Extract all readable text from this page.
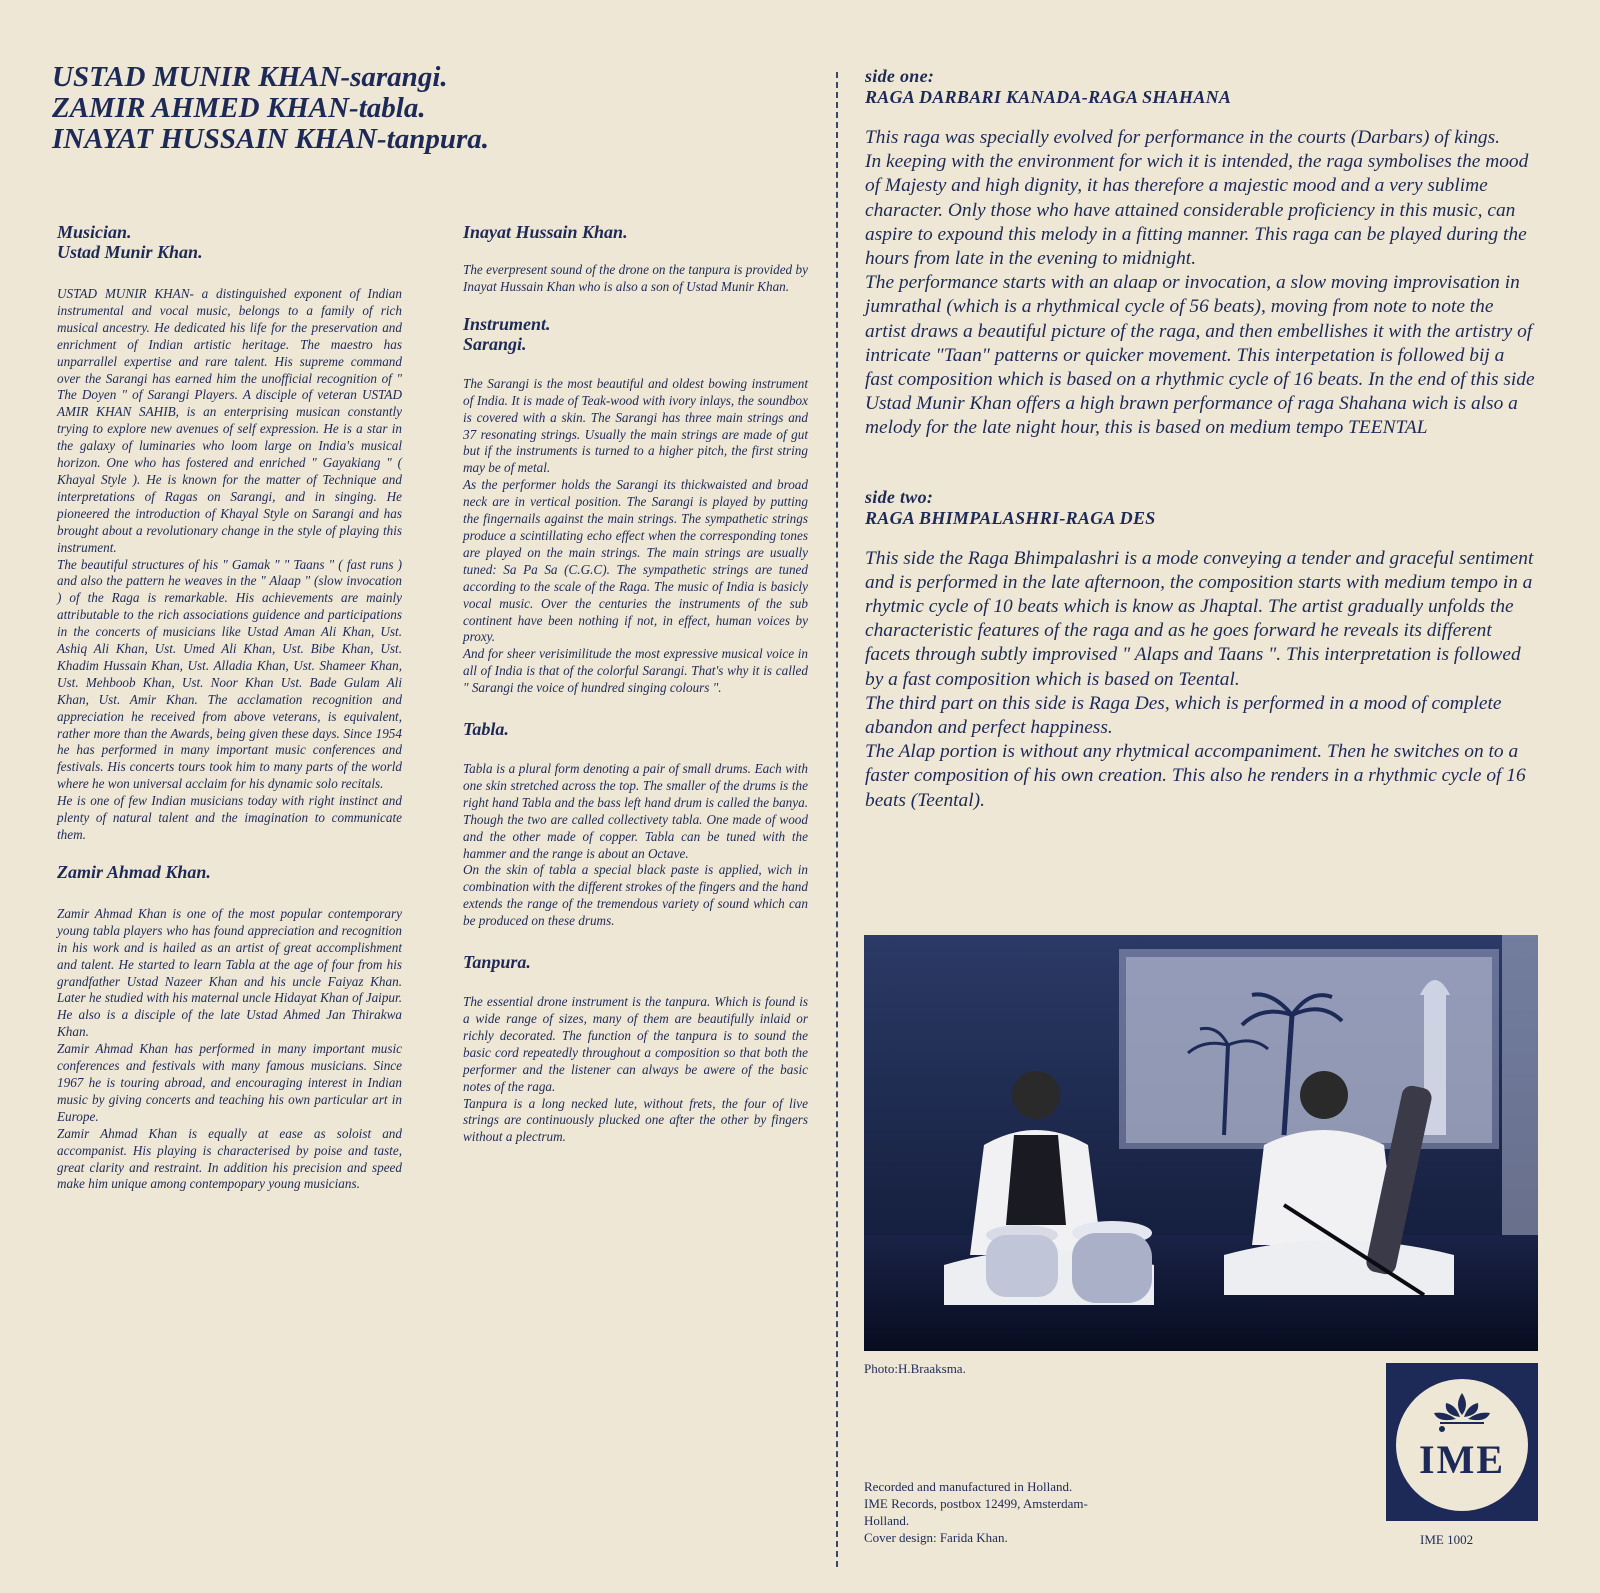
USTAD MUNIR KHAN-sarangi.
ZAMIR AHMED KHAN-tabla.
INAYAT HUSSAIN KHAN-tanpura.
Musician.
Ustad Munir Khan.

USTAD MUNIR KHAN- a distinguished exponent of Indian instrumental and vocal music, belongs to a family of rich musical ancestry. He dedicated his life for the preservation and enrichment of Indian artistic heritage. The maestro has unparrallel expertise and rare talent. His supreme command over the Sarangi has earned him the unofficial recognition of " The Doyen " of Sarangi Players. A disciple of veteran USTAD AMIR KHAN SAHIB, is an enterprising musican constantly trying to explore new avenues of self expression. He is a star in the galaxy of luminaries who loom large on India's musical horizon. One who has fostered and enriched " Gayakiang " ( Khayal Style ). He is known for the matter of Technique and interpretations of Ragas on Sarangi, and in singing. He pioneered the introduction of Khayal Style on Sarangi and has brought about a revolutionary change in the style of playing this instrument.

The beautiful structures of his " Gamak " " Taans " ( fast runs ) and also the pattern he weaves in the " Alaap " (slow invocation ) of the Raga is remarkable. His achievements are mainly attributable to the rich associations guidence and participations in the concerts of musicians like Ustad Aman Ali Khan, Ust. Ashiq Ali Khan, Ust. Umed Ali Khan, Ust. Bibe Khan, Ust. Khadim Hussain Khan, Ust. Alladia Khan, Ust. Shameer Khan, Ust. Mehboob Khan, Ust. Noor Khan Ust. Bade Gulam Ali Khan, Ust. Amir Khan. The acclamation recognition and appreciation he received from above veterans, is equivalent, rather more than the Awards, being given these days. Since 1954 he has performed in many important music conferences and festivals. His concerts tours took him to many parts of the world where he won universal acclaim for his dynamic solo recitals.

He is one of few Indian musicians today with right instinct and plenty of natural talent and the imagination to communicate them.

Zamir Ahmad Khan.

Zamir Ahmad Khan is one of the most popular contemporary young tabla players who has found appreciation and recognition in his work and is hailed as an artist of great accomplishment and talent. He started to learn Tabla at the age of four from his grandfather Ustad Nazeer Khan and his uncle Faiyaz Khan. Later he studied with his maternal uncle Hidayat Khan of Jaipur. He also is a disciple of the late Ustad Ahmed Jan Thirakwa Khan.

Zamir Ahmad Khan has performed in many important music conferences and festivals with many famous musicians. Since 1967 he is touring abroad, and encouraging interest in Indian music by giving concerts and teaching his own particular art in Europe.

Zamir Ahmad Khan is equally at ease as soloist and accompanist. His playing is characterised by poise and taste, great clarity and restraint. In addition his precision and speed make him unique among contempopary young musicians.

Inayat Hussain Khan.

The everpresent sound of the drone on the tanpura is provided by Inayat Hussain Khan who is also a son of Ustad Munir Khan.

Instrument.
Sarangi.

The Sarangi is the most beautiful and oldest bowing instrument of India. It is made of Teak-wood with ivory inlays, the soundbox is covered with a skin. The Sarangi has three main strings and 37 resonating strings. Usually the main strings are made of gut but if the instruments is turned to a higher pitch, the first string may be of metal.

As the performer holds the Sarangi its thickwaisted and broad neck are in vertical position. The Sarangi is played by putting the fingernails against the main strings. The sympathetic strings produce a scintillating echo effect when the corresponding tones are played on the main strings. The main strings are usually tuned: Sa Pa Sa (C.G.C). The sympathetic strings are tuned according to the scale of the Raga. The music of India is basicly vocal music. Over the centuries the instruments of the sub continent have been nothing if not, in effect, human voices by proxy.

And for sheer verisimilitude the most expressive musical voice in all of India is that of the colorful Sarangi. That's why it is called " Sarangi the voice of hundred singing colours ".

Tabla.

Tabla is a plural form denoting a pair of small drums. Each with one skin stretched across the top. The smaller of the drums is the right hand Tabla and the bass left hand drum is called the banya. Though the two are called collectivety tabla. One made of wood and the other made of copper. Tabla can be tuned with the hammer and the range is about an Octave.

On the skin of tabla a special black paste is applied, wich in combination with the different strokes of the fingers and the hand extends the range of the tremendous variety of sound which can be produced on these drums.

Tanpura.

The essential drone instrument is the tanpura. Which is found is a wide range of sizes, many of them are beautifully inlaid or richly decorated. The function of the tanpura is to sound the basic cord repeatedly throughout a composition so that both the performer and the listener can always be awere of the basic notes of the raga.

Tanpura is a long necked lute, without frets, the four of live strings are continuously plucked one after the other by fingers without a plectrum.

side one:
RAGA DARBARI KANADA-RAGA SHAHANA

This raga was specially evolved for performance in the courts (Darbars) of kings.

In keeping with the environment for wich it is intended, the raga symbolises the mood of Majesty and high dignity, it has therefore a majestic mood and a very sublime character. Only those who have attained considerable proficiency in this music, can aspire to expound this melody in a fitting manner. This raga can be played during the hours from late in the evening to midnight.

The performance starts with an alaap or invocation, a slow moving improvisation in jumrathal (which is a rhythmical cycle of 56 beats), moving from note to note the artist draws a beautiful picture of the raga, and then embellishes it with the artistry of intricate "Taan" patterns or quicker movement. This interpetation is followed bij a fast composition which is based on a rhythmic cycle of 16 beats. In the end of this side Ustad Munir Khan offers a high brawn performance of raga Shahana wich is also a melody for the late night hour, this is based on medium tempo TEENTAL

side two:
RAGA BHIMPALASHRI-RAGA DES

This side the Raga Bhimpalashri is a mode conveying a tender and graceful sentiment and is performed in the late afternoon, the composition starts with medium tempo in a rhytmic cycle of 10 beats which is know as Jhaptal. The artist gradually unfolds the characteristic features of the raga and as he goes forward he reveals its different facets through subtly improvised " Alaps and Taans ". This interpretation is followed by a fast composition which is based on Teental.

The third part on this side is Raga Des, which is performed in a mood of complete abandon and perfect happiness.

The Alap portion is without any rhytmical accompaniment. Then he switches on to a faster composition of his own creation. This also he renders in a rhythmic cycle of 16 beats (Teental).

Photo:H.Braaksma.
IME
Recorded and manufactured in Holland.
IME Records, postbox 12499, Amsterdam-
Holland.
Cover design: Farida Khan.	IME 1002
